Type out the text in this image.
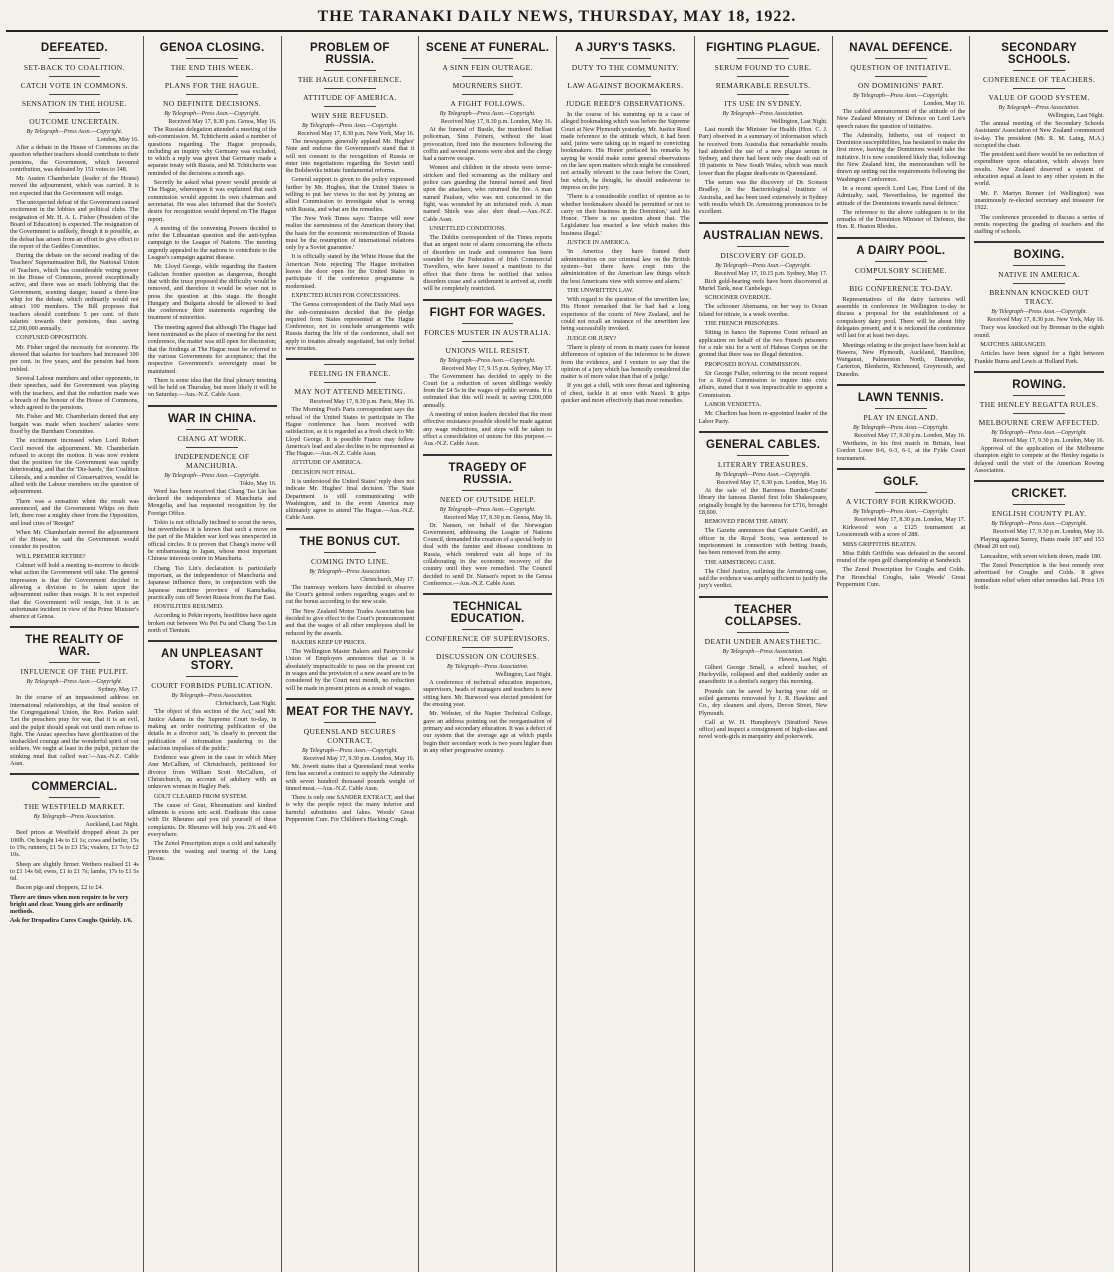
THE TARANAKI DAILY NEWS, THURSDAY, MAY 18, 1922.
DEFEATED.
SET-BACK TO COALITION.
CATCH VOTE IN COMMONS.
SENSATION IN THE HOUSE.
OUTCOME UNCERTAIN.
By Telegraph—Press Assn.—Copyright.
London, May 16.

After a debate in the House of Commons on the question whether teachers should contribute to their pensions, the Government, which favoured contribution, was defeated by 151 votes to 148.

Mr. Austen Chamberlain (leader of the House) moved the adjournment, which was carried. It is not expected that the Government will resign.

The unexpected defeat of the Government caused excitement in the lobbies and political clubs. The resignation of Mr. H. A. L. Fisher (President of the Board of Education) is expected. The resignation of the Government is unlikely, though it is possible, as the defeat has arisen from an effort to give effect to the report of the Geddes Committee.

During the debate on the second reading of the Teachers' Superannuation Bill, the National Union of Teachers, which has considerable voting power in the House of Commons, proved exceptionally active, and there was so much lobbying that the Government, scenting danger, issued a three-line whip for the debate, which ordinarily would not attract 100 members. The Bill proposes that teachers should contribute 5 per cent. of their salaries towards their pensions, thus saving £2,200,000 annually.

CONFUSED OPPOSITION.

Mr. Fisher urged the necessity for economy. He showed that salaries for teachers had increased 100 per cent. in five years, and the pension had been trebled.

Several Labour members and other opponents, in their speeches, said the Government was playing with the teachers, and that the reduction made was a breach of the honour of the House of Commons, which agreed to the pensions.

Mr. Fisher and Mr. Chamberlain denied that any bargain was made when teachers' salaries were fixed by the Burnham Committee.

The excitement increased when Lord Robert Cecil moved the adjournment. Mr. Chamberlain refused to accept the motion. It was now evident that the position for the Government was rapidly deteriorating, and that the 'Die-hards,' the Coalition Liberals, and a number of Conservatives, would be allied with the Labour members on the question of adjournment.

There was a sensation when the result was announced, and the Government Whips on their left, there rose a mighty cheer from the Opposition, and loud cries of 'Resign!'

When Mr. Chamberlain moved the adjournment of the House, he said the Government would consider its position.

WILL PREMIER RETIRE?

Cabinet will hold a meeting to-morrow to decide what action the Government will take. The general impression is that the Government decided in allowing a division to be taken upon the adjournment rather than resign. It is not expected that the Government will resign, but it is an unfortunate incident in view of the Prime Minister's absence at Genoa.

THE REALITY OF WAR.
INFLUENCE OF THE PULPIT.
By Telegraph—Press Assn.—Copyright.
Sydney, May 17.

In the course of an impassioned address on international relationships, at the final session of the Congregational Union, the Rev. Parkin said: 'Let the preachers pray for war, that it is an evil, and the pulpit should speak out until men refuse to fight. The Anzac speeches have glorification of the unshackled courage and the wonderful spirit of our soldiers. We ought at least in the pulpit, picture the stinking mud that called war.'—Aus.-N.Z. Cable Assn.

COMMERCIAL.
THE WESTFIELD MARKET.
By Telegraph—Press Association.
Auckland, Last Night.

Beef prices at Westfield dropped about 2s per 100lb. On bought 14s to £1 1s; cows and heifer, 15s to 19s; runners, £1 5s to £3 15s; vealers, £1 7s to £2 10s.

Sheep are slightly firmer. Wethers realised £1 4s to £1 14s 6d; ewes, £1 to £1 7s; lambs, 17s to £1 5s 6d.

Bacon pigs and choppers, £2 to £4.

There are times when men require to be very bright and clear. Young girls are ordinarily methods.
Ask for Dropadira Cures Coughs Quickly. 1/6.
GENOA CLOSING.
THE END THIS WEEK.
PLANS FOR THE HAGUE.
NO DEFINITE DECISIONS.
By Telegraph—Press Assn.—Copyright.
Received May 17, 8.30 p.m. Genoa, May 16.

The Russian delegation attended a meeting of the sub-commission. M. Tchitcherin asked a number of questions regarding The Hague proposals, including an inquiry why Germany was excluded, to which a reply was given that Germany made a separate treaty with Russia, and M. Tchitcherin was reminded of the decisions a month ago.

Secretly he asked what power would preside at The Hague, whereupon it was explained that each commission would appoint its own chairman and secretariat. He was also informed that the Soviet's desire for recognition would depend on The Hague report.

A meeting of the convening Powers decided to refer the Lithuanian question and the anti-typhus campaign to the League of Nations. The meeting urgently appealed to the nations to contribute to the League's campaign against disease.

Mr. Lloyd George, while regarding the Eastern Galician frontier question as dangerous, thought that with the truce proposed the difficulty would be removed, and therefore it would be wiser not to press the question at this stage. He thought Hungary and Bulgaria should be allowed to lead the conference their statements regarding the treatment of minorities.

The meeting agreed that although The Hague had been nominated as the place of meeting for the next conference, the matter was still open for discussion; that the findings at The Hague must be referred to the various Governments for acceptance; that the respective Government's sovereignty must be maintained.

There is some idea that the final plenary meeting will be held on Thursday, but more likely it will be on Saturday.—Aus.-N.Z. Cable Assn.

WAR IN CHINA.
CHANG AT WORK.
INDEPENDENCE OF MANCHURIA.
By Telegraph—Press Assn.—Copyright.
Tokio, May 16.

Word has been received that Chang Tso Lin has declared the independence of Manchuria and Mongolia, and has requested recognition by the Foreign Office.

Tokio is not officially inclined to scout the news, but nevertheless it is known that such a move on the part of the Mukden war lord was unexpected in official circles. It is proven that Chang's move will be embarrassing to Japan, whose most important Chinese interests centre in Manchuria.

Chang Tso Lin's declaration is particularly important, as the independence of Manchuria and Japanese influence there, in conjunction with the Japanese maritime province of Kamchatka, practically cuts off Soviet Russia from the Far East.

HOSTILITIES RESUMED.

According to Pekin reports, hostilities have again broken out between Wu Pei Fu and Chang Tso Lin north of Tientsin.

AN UNPLEASANT STORY.
COURT FORBIDS PUBLICATION.
By Telegraph—Press Association.
Christchurch, Last Night.

'The object of this section of the Act,' said Mr. Justice Adams in the Supreme Court to-day, in making an order restricting publication of the details in a divorce suit, 'is clearly to prevent the publication of information pandering to the salacious impulses of the public.'

Evidence was given in the case in which Mary Ann McCallum, of Christchurch, petitioned for divorce from William Scott McCallum, of Christchurch, on account of adultery with an unknown woman in Hagley Park.

GOUT CLEARED FROM SYSTEM.

The cause of Gout, Rheumatism and kindred ailments is excess uric acid. Eradicate this cause with Dr. Rheumo and you rid yourself of these complaints. Dr. Rheumo will help you. 2/6 and 4/6 everywhere.

The Zenol Prescription stops a cold and naturally prevents the wasting and tearing of the Lung Tissue.

PROBLEM OF RUSSIA.
THE HAGUE CONFERENCE.
ATTITUDE OF AMERICA.
WHY SHE REFUSED.
By Telegraph—Press Assn.—Copyright.
Received May 17, 8.30 p.m. New York, May 16.

The newspapers generally applaud Mr. Hughes' Note and endorse the Government's stand that it will not consent to the recognition of Russia or enter into negotiations regarding the Soviet until the Bolsheviks initiate fundamental reforms.

General support is given to the policy expressed further by Mr. Hughes, that the United States is willing to put her views to the test by joining an allied Commission to investigate what is wrong with Russia, and what are the remedies.

The New York Times says: 'Europe will now realize the earnestness of the American theory that the basis for the economic reconstruction of Russia must be the resumption of international relations only by a Soviet guarantee.'

It is officially stated by the White House that the American Note rejecting The Hague invitation leaves the door open for the United States to participate if the conference programme is modernised.

EXPECTED RUSH FOR CONCESSIONS.

The Genoa correspondent of the Daily Mail says the sub-commission decided that the pledge required from States represented at The Hague Conference, not to conclude arrangements with Russia during the life of the conference, shall not apply to treaties already negotiated, but only forbid new treaties.

FEELING IN FRANCE.
MAY NOT ATTEND MEETING.
Received May 17, 8.30 p.m. Paris, May 16.

The Morning Post's Paris correspondent says the refusal of the United States to participate in The Hague conference has been received with satisfaction, as it is regarded as a fresh check to Mr. Lloyd George. It is possible France may follow America's lead and also decline to be represented at The Hague.—Aus.-N.Z. Cable Assn.

ATTITUDE OF AMERICA.

DECISION NOT FINAL.

It is understood the United States' reply does not indicate Mr. Hughes' final decision. The State Department is still communicating with Washington, and in the event America may ultimately agree to attend The Hague.—Aus.-N.Z. Cable Assn.

THE BONUS CUT.
COMING INTO LINE.
By Telegraph—Press Association.
Christchurch, May 17.

The tramway workers have decided to observe the Court's general orders regarding wages and to cut the bonus according to the new scale.

The New Zealand Motor Trades Association has decided to give effect to the Court's pronouncement and that the wages of all other employees shall be reduced by the awards.

BAKERS KEEP UP PRICES.

The Wellington Master Bakers and Pastrycooks' Union of Employers announces that as it is absolutely impracticable to pass on the present cut in wages and the provision of a new award are to be considered by the Court next month, no reduction will be made in present prices as a result of wages.

MEAT FOR THE NAVY.
QUEENSLAND SECURES CONTRACT.
By Telegraph—Press Assn.—Copyright.
Received May 17, 9.30 p.m. London, May 16.

Mr. Jowett states that a Queensland meat works firm has secured a contract to supply the Admiralty with seven hundred thousand pounds weight of tinned meat.—Aus.-N.Z. Cable Assn.

There is only one SANDER EXTRACT, and that is why the people reject the many inferior and harmful substitutes and fakes. Woods' Great Peppermint Cure. For Children's Hacking Cough.

SCENE AT FUNERAL.
A SINN FEIN OUTRAGE.
MOURNERS SHOT.
A FIGHT FOLLOWS.
By Telegraph—Press Assn.—Copyright.
Received May 17, 8.30 p.m. London, May 16.

At the funeral of Bustle, the murdered Belfast policeman, Sinn Feiners, without the least provocation, fired into the mourners following the coffin and several persons were shot and the clergy had a narrow escape.

Women and children in the streets were terror-stricken and fled screaming as the military and police cars guarding the funeral turned and fired upon the attackers, who returned the fire. A man named Paulsen, who was not concerned in the fight, was wounded by an infuriated mob. A man named Shiels was also shot dead.—Aus.-N.Z. Cable Assn.

UNSETTLED CONDITIONS.

The Dublin correspondent of the Times reports that an urgent note of alarm concerning the effects of disorders on trade and commerce has been sounded by the Federation of Irish Commercial Travellers, who have issued a manifesto to the effect that their firms be notified that unless disorders cease and a settlement is arrived at, credit will be completely restricted.

FIGHT FOR WAGES.
FORCES MUSTER IN AUSTRALIA.
UNIONS WILL RESIST.
By Telegraph—Press Assn.—Copyright.
Received May 17, 9.15 p.m. Sydney, May 17.

The Government has decided to apply to the Court for a reduction of seven shillings weekly from the £4 5s in the wages of public servants. It is estimated that this will result in saving £200,000 annually.

A meeting of union leaders decided that the most effective resistance possible should be made against any wage reductions, and steps will be taken to effect a consolidation of unions for this purpose.—Aus.-N.Z. Cable Assn.

TRAGEDY OF RUSSIA.
NEED OF OUTSIDE HELP.
By Telegraph—Press Assn.—Copyright.
Received May 17, 8.30 p.m. Genoa, May 16.

Dr. Nansen, on behalf of the Norwegian Government, addressing the League of Nations Council, demanded the creation of a special body to deal with the famine and disease conditions in Russia, which rendered vain all hope of its collaborating in the economic recovery of the country until they were remedied. The Council decided to send Dr. Nansen's report to the Genoa Conference.—Aus.-N.Z. Cable Assn.

TECHNICAL EDUCATION.
CONFERENCE OF SUPERVISORS.
DISCUSSION ON COURSES.
By Telegraph—Press Association.
Wellington, Last Night.

A conference of technical education inspectors, supervisors, heads of managers and teachers is now sitting here. Mr. Burwood was elected president for the ensuing year.

Mr. Webster, of the Napier Technical College, gave an address pointing out the reorganisation of primary and secondary education. It was a defect of our system that the average age at which pupils begin their secondary work is two years higher than in any other progressive country.

A JURY'S TASKS.
DUTY TO THE COMMUNITY.
LAW AGAINST BOOKMAKERS.
JUDGE REED'S OBSERVATIONS.

In the course of his summing up in a case of alleged bookmaking which was before the Supreme Court at New Plymouth yesterday, Mr. Justice Reed made reference to the attitude which, it had been said, juries were taking up in regard to convicting bookmakers. His Honor prefaced his remarks by saying he would make some general observations on the law upon matters which might be considered not actually relevant to the case before the Court, but which, he thought, he should endeavour to impress on the jury.

'There is a considerable conflict of opinion as to whether bookmakers should be permitted or not to carry on their business in the Dominion,' said his Honor. 'There is no question about that. The Legislature has enacted a law which makes this business illegal.'

JUSTICE IN AMERICA.

'In America they have framed their administration on our criminal law on the British system—but there have crept into the administration of the American law things which the best Americans view with sorrow and alarm.'

THE UNWRITTEN LAW.

With regard to the question of the unwritten law, His Honor remarked that he had had a long experience of the courts of New Zealand, and he could not recall an instance of the unwritten law being successfully invoked.

JUDGE OR JURY?

'There is plenty of room in many cases for honest differences of opinion of the inference to be drawn from the evidence, and I venture to say that the opinion of a jury which has honestly considered the matter is of more value than that of a judge.'

If you get a chill, with sore throat and tightening of chest, tackle it at once with Nazol. It grips quicker and more effectively than most remedies.

FIGHTING PLAGUE.
SERUM FOUND TO CURE.
REMARKABLE RESULTS.
ITS USE IN SYDNEY.
By Telegraph—Press Association.
Wellington, Last Night.

Last month the Minister for Health (Hon. C. J. Parr) observed in a summary of information which he received from Australia that remarkable results had attended the use of a new plague serum in Sydney, and there had been only one death out of 18 patients in New South Wales, which was much lower than the plague death-rate in Queensland.

The serum was the discovery of Dr. Scotson Bradley, in the Bacteriological Institute of Australia, and has been used extensively in Sydney with results which Dr. Armstrong pronounces to be excellent.

AUSTRALIAN NEWS.
DISCOVERY OF GOLD.
By Telegraph—Press Assn.—Copyright.
Received May 17, 10.15 p.m. Sydney, May 17.

Rich gold-bearing reefs have been discovered at Muriel Tank, near Canbelego.

SCHOONER OVERDUE.

The schooner Abemama, on her way to Ocean Island for nitrate, is a week overdue.

THE FRENCH PRISONERS.

Sitting in banco the Supreme Court refused an application on behalf of the two French prisoners for a rule nisi for a writ of Habeas Corpus on the ground that there was no illegal detention.

PROPOSED ROYAL COMMISSION.

Sir George Fuller, referring to the recent request for a Royal Commission to inquire into civic affairs, stated that it was impracticable to appoint a Commission.

LABOR VENDETTA.

Mr. Charlton has been re-appointed leader of the Labor Party.

GENERAL CABLES.
LITERARY TREASURES.
By Telegraph—Press Assn.—Copyright.
Received May 17, 9.30 p.m. London, May 16.

At the sale of the Baroness Burdett-Coutts' library the famous Daniel first folio Shakespeare, originally bought by the baroness for £716, brought £8,600.

REMOVED FROM THE ARMY.

The Gazette announces that Captain Cardiff, an officer in the Royal Scots, was sentenced to imprisonment in connection with betting frauds, has been removed from the army.

THE ARMSTRONG CASE.

The Chief Justice, outlining the Armstrong case, said the evidence was amply sufficient to justify the jury's verdict.

TEACHER COLLAPSES.
DEATH UNDER ANAESTHETIC.
By Telegraph—Press Association.
Hawera, Last Night.

Gilbert George Small, a school teacher, of Hurleyville, collapsed and died suddenly under an anaesthetic in a dentist's surgery this morning.

Pounds can be saved by having your old or soiled garments renovated by J. R. Hawkins and Co., dry cleaners and dyers, Devon Street, New Plymouth.

Call at W. H. Humphrey's (Stratford News office) and inspect a consignment of high-class and novel work-girls in marquetry and pokerwork.

NAVAL DEFENCE.
QUESTION OF INITIATIVE.
ON DOMINIONS' PART.
By Telegraph—Press Assn.—Copyright.
London, May 16.

The cabled announcement of the attitude of the New Zealand Ministry of Defence on Lord Lee's speech raises the question of initiative.

The Admiralty, hitherto, out of respect to Dominion susceptibilities, has hesitated to make the first move, leaving the Dominions would take the initiative. It is now considered likely that, following the New Zealand hint, the memorandum will be drawn up setting out the requirements following the Washington Conference.

In a recent speech Lord Lee, First Lord of the Admiralty, said, 'Nevertheless, he regretted the attitude of the Dominions towards naval defence.'

The reference to the above cablegram is to the remarks of the Dominion Minister of Defence, the Hon. R. Heaton Rhodes.

A DAIRY POOL.
COMPULSORY SCHEME.
BIG CONFERENCE TO-DAY.

Representatives of the dairy factories will assemble in conference in Wellington to-day to discuss a proposal for the establishment of a compulsory dairy pool. There will be about fifty delegates present, and it is reckoned the conference will last for at least two days.

Meetings relating to the project have been held at Hawera, New Plymouth, Auckland, Hamilton, Wanganui, Palmerston North, Dannevirke, Carterton, Blenheim, Richmond, Greymouth, and Dunedin.

LAWN TENNIS.
PLAY IN ENGLAND.
By Telegraph—Press Assn.—Copyright.
Received May 17, 9.30 p.m. London, May 16.

Wertheim, in his first match in Britain, beat Gordon Lowe 8-6, 6-3, 6-1, at the Fylde Court tournament.

GOLF.
A VICTORY FOR KIRKWOOD.
By Telegraph—Press Assn.—Copyright.
Received May 17, 8.30 p.m. London, May 17.

Kirkwood won a £125 tournament at Lossiemouth with a score of 288.

MISS GRIFFITHS BEATEN.

Miss Edith Griffiths was defeated in the second round of the open golf championship at Sandwich.

The Zenol Prescription for Coughs and Colds. For Bronchial Coughs, take Woods' Great Peppermint Cure.

SECONDARY SCHOOLS.
CONFERENCE OF TEACHERS.
VALUE OF GOOD SYSTEM.
By Telegraph—Press Association.
Wellington, Last Night.

The annual meeting of the Secondary Schools Assistants' Association of New Zealand commenced to-day. The president (Mr. R. M. Laing, M.A.) occupied the chair.

The president said there would be no reduction of expenditure upon education, which always bore results. New Zealand deserved a system of education equal at least to any other system in the world.

Mr. F. Martyn Renner (of Wellington) was unanimously re-elected secretary and treasurer for 1922.

The conference proceeded to discuss a series of remits respecting the grading of teachers and the staffing of schools.

BOXING.
NATIVE IN AMERICA.
BRENNAN KNOCKED OUT TRACY.
By Telegraph—Press Assn.—Copyright.
Received May 17, 8.30 p.m. New York, May 16.

Tracy was knocked out by Brennan in the eighth round.

MATCHES ARRANGED.

Articles have been signed for a fight between Frankie Burns and Lewis at Holland Park.

ROWING.
THE HENLEY REGATTA RULES.
MELBOURNE CREW AFFECTED.
By Telegraph—Press Assn.—Copyright.
Received May 17, 9.30 p.m. London, May 16.

Approval of the application of the Melbourne champion eight to compete at the Henley regatta is delayed until the visit of the American Rowing Association.

CRICKET.
ENGLISH COUNTY PLAY.
By Telegraph—Press Assn.—Copyright.
Received May 17, 9.30 p.m. London, May 16.

Playing against Surrey, Hants made 187 and 153 (Mead 20 not out).

Lancashire, with seven wickets down, made 180.

The Zenol Prescription is the best remedy ever advertised for Coughs and Colds. It gives immediate relief when other remedies fail. Price 1/6 bottle.
